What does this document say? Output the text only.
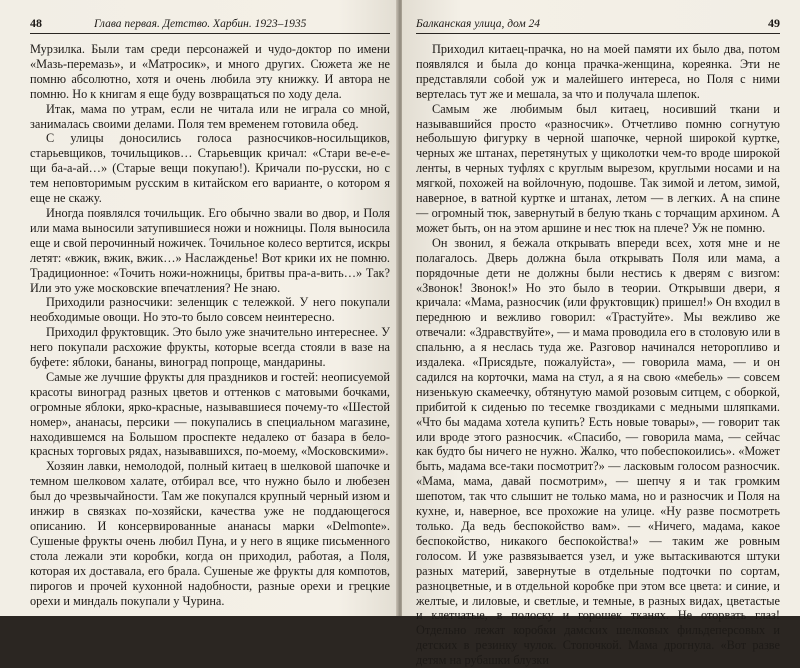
48	Глава первая. Детство. Харбин. 1923–1935

Мурзилка. Были там среди персонажей и чудо-доктор по имени «Мазь-перемазь», и «Матросик», и много других. Сюжета же не помню абсолютно, хотя и очень любила эту книжку. И автора не помню. Но к книгам я еще буду возвращаться по ходу дела.

Итак, мама по утрам, если не читала или не играла со мной, занималась своими делами. Поля тем временем готовила обед.

С улицы доносились голоса разносчиков-носильщиков, старьевщиков, точильщиков… Старьевщик кричал: «Стари ве-е-е-щи ба-а-ай…» (Старые вещи покупаю!). Кричали по-русски, но с тем неповторимым русским в китайском его варианте, о котором я еще не скажу.

Иногда появлялся точильщик. Его обычно звали во двор, и Поля или мама выносили затупившиеся ножи и ножницы. Поля выносила еще и свой перочинный ножичек. Точильное колесо вертится, искры летят: «вжик, вжик, вжик…» Наслажденье! Вот крики их не помню. Традиционное: «Точить ножи-ножницы, бритвы пра-а-вить…» Так? Или это уже московские впечатления? Не знаю.

Приходили разносчики: зеленщик с тележкой. У него покупали необходимые овощи. Но это-то было совсем неинтересно.

Приходил фруктовщик. Это было уже значительно интереснее. У него покупали расхожие фрукты, которые всегда стояли в вазе на буфете: яблоки, бананы, виноград попроще, мандарины.

Самые же лучшие фрукты для праздников и гостей: неописуемой красоты виноград разных цветов и оттенков с матовыми бочками, огромные яблоки, ярко-красные, называвшиеся почему-то «Шестой номер», ананасы, персики — покупались в специальном магазине, находившемся на Большом проспекте недалеко от базара в бело-красных торговых рядах, называвшихся, по-моему, «Московскими».

Хозяин лавки, немолодой, полный китаец в шелковой шапочке и темном шелковом халате, отбирал все, что нужно было и любезен был до чрезвычайности. Там же покупался крупный черный изюм и инжир в связках по-хозяйски, качества уже не поддающегося описанию. И консервированные ананасы марки «Delmonte». Сушеные фрукты очень любил Пуна, и у него в ящике письменного стола лежали эти коробки, когда он приходил, работая, а Поля, которая их доставала, его брала. Сушеные же фрукты для компотов, пирогов и прочей кухонной надобности, разные орехи и грецкие орехи и миндаль покупали у Чурина.

Балканская улица, дом 24	49

Приходил китаец-прачка, но на моей памяти их было два, потом появлялся и была до конца прачка-женщина, кореянка. Эти не представляли собой уж и малейшего интереса, но Поля с ними вертелась тут же и мешала, за что и получала шлепок.

Самым же любимым был китаец, носивший ткани и называвшийся просто «разносчик». Отчетливо помню согнутую небольшую фигурку в черной шапочке, черной широкой куртке, черных же штанах, перетянутых у щиколотки чем-то вроде широкой ленты, в черных туфлях с круглым вырезом, круглыми носами и на мягкой, похожей на войлочную, подошве. Так зимой и летом, зимой, наверное, в ватной куртке и штанах, летом — в легких. А на спине — огромный тюк, завернутый в белую ткань с торчащим архином. А может быть, он на этом аршине и нес тюк на плече? Уж не помню.

Он звонил, я бежала открывать впереди всех, хотя мне и не полагалось. Дверь должна была открывать Поля или мама, а порядочные дети не должны были нестись к дверям с визгом: «Звонок! Звонок!» Но это было в теории. Открывши двери, я кричала: «Мама, разносчик (или фруктовщик) пришел!» Он входил в переднюю и вежливо говорил: «Трастуйте». Мы вежливо же отвечали: «Здравствуйте», — и мама проводила его в столовую или в спальню, а я неслась туда же. Разговор начинался неторопливо и издалека. «Присядьте, пожалуйста», — говорила мама, — и он садился на корточки, мама на стул, а я на свою «мебель» — совсем низенькую скамеечку, обтянутую мамой розовым ситцем, с оборкой, прибитой к сиденью по тесемке гвоздиками с медными шляпками. «Что бы мадама хотела купить? Есть новые товары», — говорит так или вроде этого разносчик. «Спасибо, — говорила мама, — сейчас как будто бы ничего не нужно. Жалко, что побеспокоились». «Может быть, мадама все-таки посмотрит?» — ласковым голосом разносчик. «Мама, мама, давай посмотрим», — шепчу я и так громким шепотом, так что слышит не только мама, но и разносчик и Поля на кухне, и, наверное, все прохожие на улице. «Ну разве посмотреть только. Да ведь беспокойство вам». — «Ничего, мадама, какое беспокойство, никакого беспокойства!» — таким же ровным голосом. И уже развязывается узел, и уже вытаскиваются штуки разных материй, завернутые в отдельные подточки по сортам, разноцветные, и в отдельной коробке при этом все цвета: и синие, и желтые, и лиловые, и светлые, и темные, в разных видах, цветастые и клетчатые, в полоску и горошек тканях. Не оторвать глаз! Отдельно лежат коробки дамских шелковых фильдеперсовых и детских в резинку чулок. Стопочкой. Мама дрогнула. «Вот разве детям на рубашки блузки
